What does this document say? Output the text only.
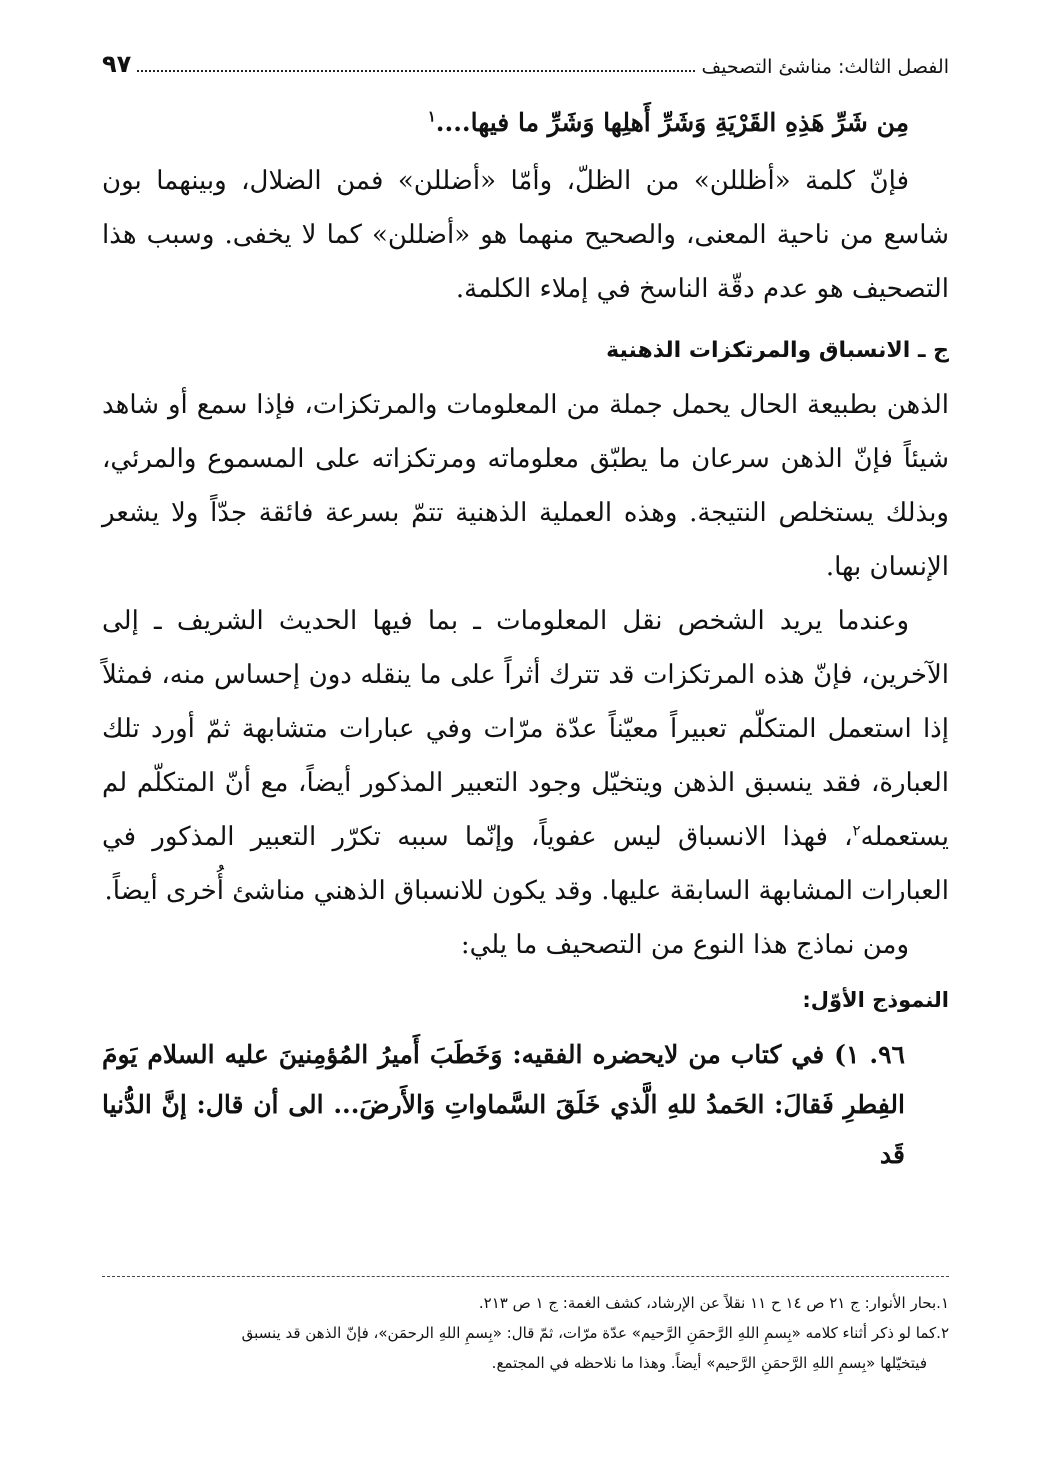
الفصل الثالث: مناشئ التصحيف
٩٧

مِن شَرِّ هَذِهِ القَرْيَةِ وَشَرِّ أَهلِها وَشَرِّ ما فيها....$^١$

فإنّ كلمة «أظللن» من الظلّ، وأمّا «أضللن» فمن الضلال، وبينهما بون شاسع من ناحية المعنى، والصحيح منهما هو «أضللن» كما لا يخفى. وسبب هذا التصحيف هو عدم دقّة الناسخ في إملاء الكلمة.

ج ـ الانسباق والمرتكزات الذهنية

الذهن بطبيعة الحال يحمل جملة من المعلومات والمرتكزات، فإذا سمع أو شاهد شيئاً فإنّ الذهن سرعان ما يطبّق معلوماته ومرتكزاته على المسموع والمرئي، وبذلك يستخلص النتيجة. وهذه العملية الذهنية تتمّ بسرعة فائقة جدّاً ولا يشعر الإنسان بها.

وعندما يريد الشخص نقل المعلومات ـ بما فيها الحديث الشريف ـ إلى الآخرين، فإنّ هذه المرتكزات قد تترك أثراً على ما ينقله دون إحساس منه، فمثلاً إذا استعمل المتكلّم تعبيراً معيّناً عدّة مرّات وفي عبارات متشابهة ثمّ أورد تلك العبارة، فقد ينسبق الذهن ويتخيّل وجود التعبير المذكور أيضاً، مع أنّ المتكلّم لم يستعمله$^٢$، فهذا الانسباق ليس عفوياً، وإنّما سببه تكرّر التعبير المذكور في العبارات المشابهة السابقة عليها. وقد يكون للانسباق الذهني مناشئ أُخرى أيضاً.

ومن نماذج هذا النوع من التصحيف ما يلي:

النموذج الأوّل:

٩٦. ١) في كتاب من لايحضره الفقيه: وَخَطَبَ أَميرُ المُؤمِنينَ عليه السلام يَومَ الفِطرِ فَقالَ: الحَمدُ للهِ الَّذي خَلَقَ السَّماواتِ وَالأَرضَ... الى أن قال: إنَّ الدُّنيا قَد

١.بحار الأنوار: ج ٢١ ص ١٤ ح ١١ نقلاً عن الإرشاد، كشف الغمة: ج ١ ص ٢١٣.
٢.كما لو ذكر أثناء كلامه «بِسمِ اللهِ الرَّحمَنِ الرَّحيم» عدّة مرّات، ثمّ قال: «بِسمِ اللهِ الرحمَن»، فإنّ الذهن قد ينسبق
فيتخيّلها «بِسمِ اللهِ الرَّحمَنِ الرَّحيم» أيضاً. وهذا ما نلاحظه في المجتمع.
